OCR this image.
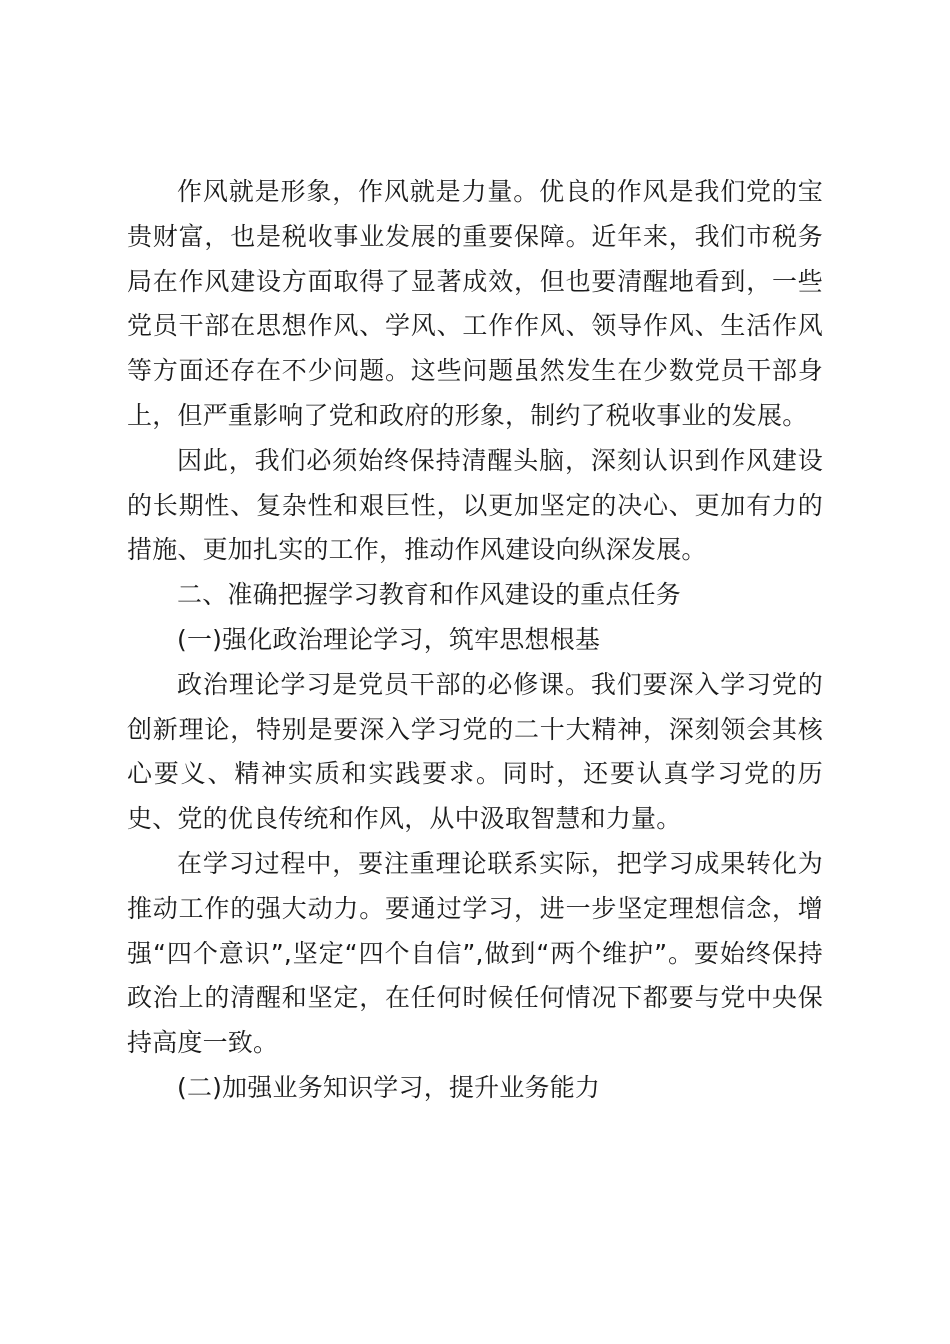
作风就是形象，作风就是力量。优良的作风是我们党的宝贵财富，也是税收事业发展的重要保障。近年来，我们市税务局在作风建设方面取得了显著成效，但也要清醒地看到，一些党员干部在思想作风、学风、工作作风、领导作风、生活作风等方面还存在不少问题。这些问题虽然发生在少数党员干部身上，但严重影响了党和政府的形象，制约了税收事业的发展。

因此，我们必须始终保持清醒头脑，深刻认识到作风建设的长期性、复杂性和艰巨性，以更加坚定的决心、更加有力的措施、更加扎实的工作，推动作风建设向纵深发展。

二、准确把握学习教育和作风建设的重点任务

(一)强化政治理论学习，筑牢思想根基

政治理论学习是党员干部的必修课。我们要深入学习党的创新理论，特别是要深入学习党的二十大精神，深刻领会其核心要义、精神实质和实践要求。同时，还要认真学习党的历史、党的优良传统和作风，从中汲取智慧和力量。

在学习过程中，要注重理论联系实际，把学习成果转化为推动工作的强大动力。要通过学习，进一步坚定理想信念，增强“四个意识”,坚定“四个自信”,做到“两个维护”。要始终保持政治上的清醒和坚定，在任何时候任何情况下都要与党中央保持高度一致。

(二)加强业务知识学习，提升业务能力
